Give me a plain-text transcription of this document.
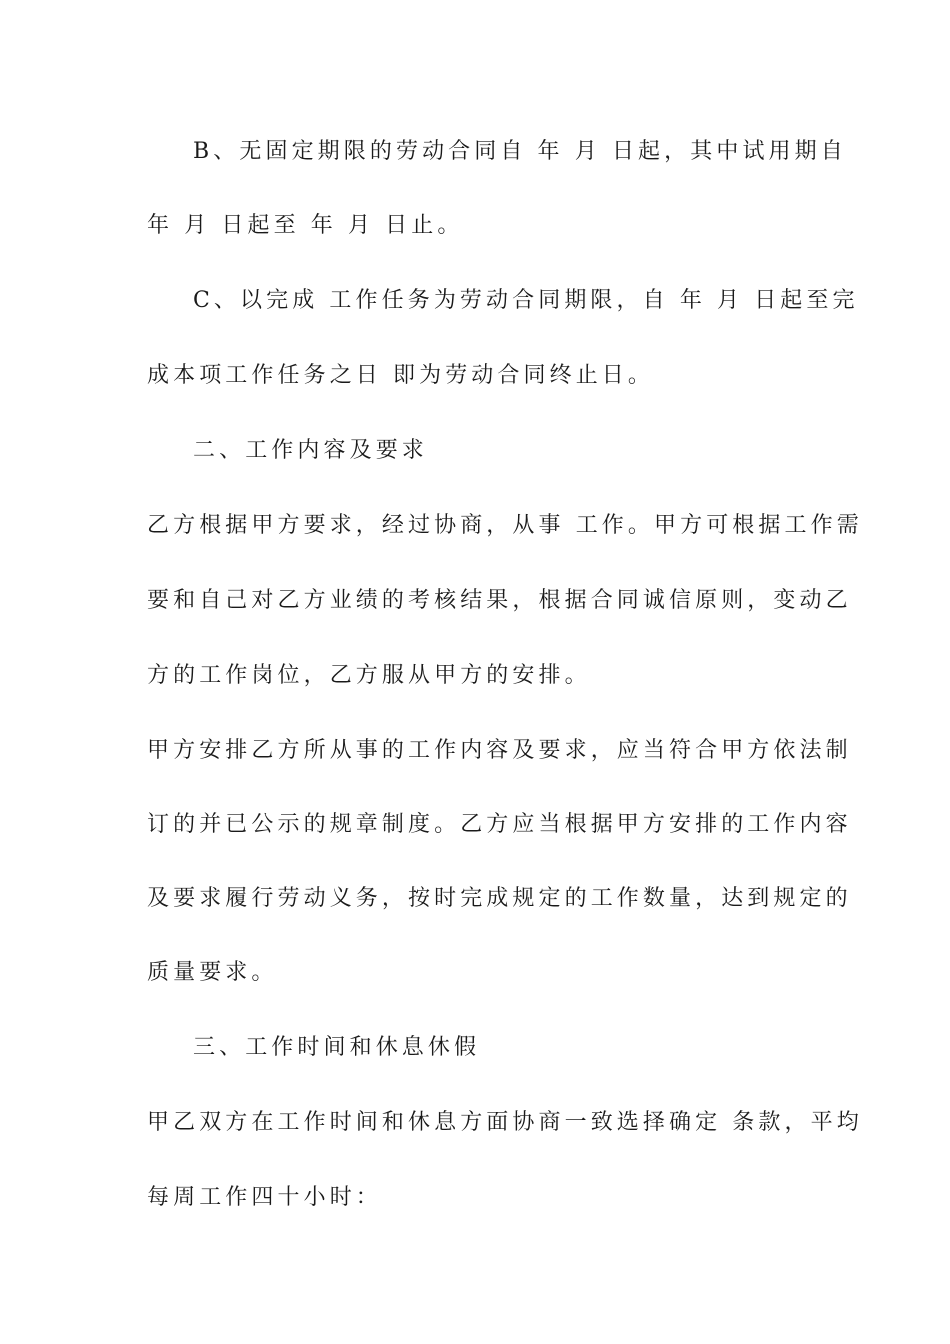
B、无固定期限的劳动合同自 年 月 日起，其中试用期自
年 月 日起至 年 月 日止。
C、以完成 工作任务为劳动合同期限，自 年 月 日起至完
成本项工作任务之日 即为劳动合同终止日。
二、工作内容及要求
乙方根据甲方要求，经过协商，从事 工作。甲方可根据工作需
要和自己对乙方业绩的考核结果，根据合同诚信原则，变动乙
方的工作岗位，乙方服从甲方的安排。
甲方安排乙方所从事的工作内容及要求，应当符合甲方依法制
订的并已公示的规章制度。乙方应当根据甲方安排的工作内容
及要求履行劳动义务，按时完成规定的工作数量，达到规定的
质量要求。
三、工作时间和休息休假
甲乙双方在工作时间和休息方面协商一致选择确定 条款，平均
每周工作四十小时：
